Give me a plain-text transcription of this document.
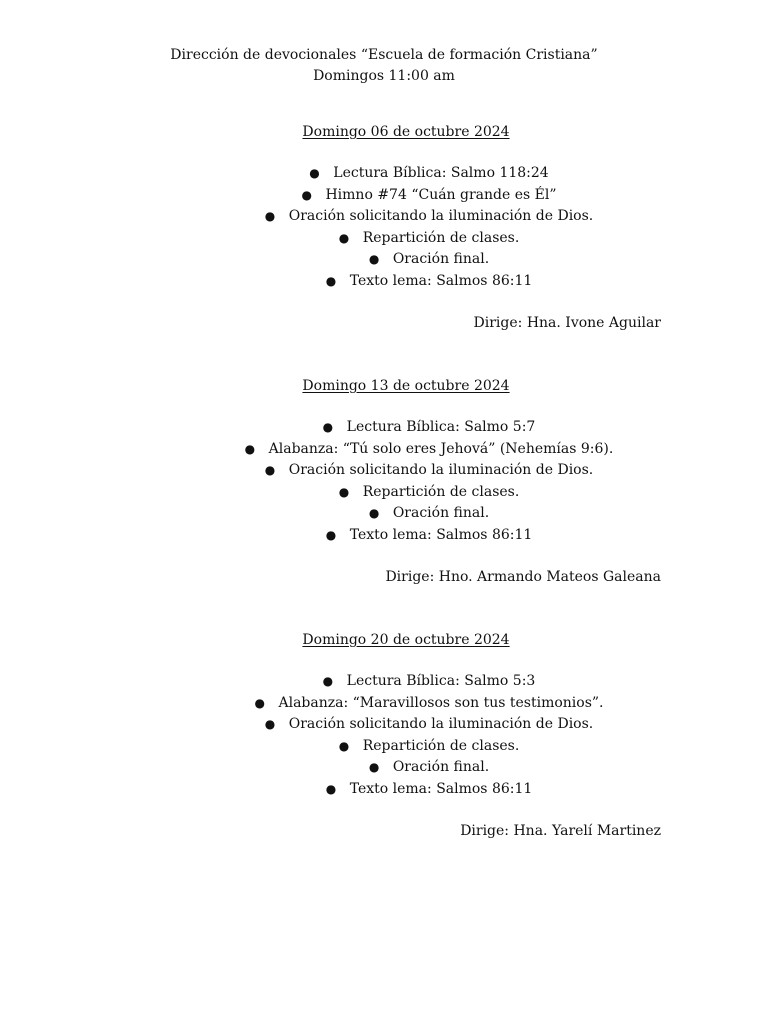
Dirección de devocionales “Escuela de formación Cristiana”
Domingos 11:00 am
Domingo 06 de octubre 2024
● Lectura Bíblica: Salmo 118:24
● Himno #74 “Cuán grande es Él”
● Oración solicitando la iluminación de Dios.
● Repartición de clases.
● Oración final.
● Texto lema: Salmos 86:11
Dirige: Hna. Ivone Aguilar
Domingo 13 de octubre 2024
● Lectura Bíblica: Salmo 5:7
● Alabanza: “Tú solo eres Jehová” (Nehemías 9:6).
● Oración solicitando la iluminación de Dios.
● Repartición de clases.
● Oración final.
● Texto lema: Salmos 86:11
Dirige: Hno. Armando Mateos Galeana
Domingo 20 de octubre 2024
● Lectura Bíblica: Salmo 5:3
● Alabanza: “Maravillosos son tus testimonios”.
● Oración solicitando la iluminación de Dios.
● Repartición de clases.
● Oración final.
● Texto lema: Salmos 86:11
Dirige: Hna. Yarelí Martinez
